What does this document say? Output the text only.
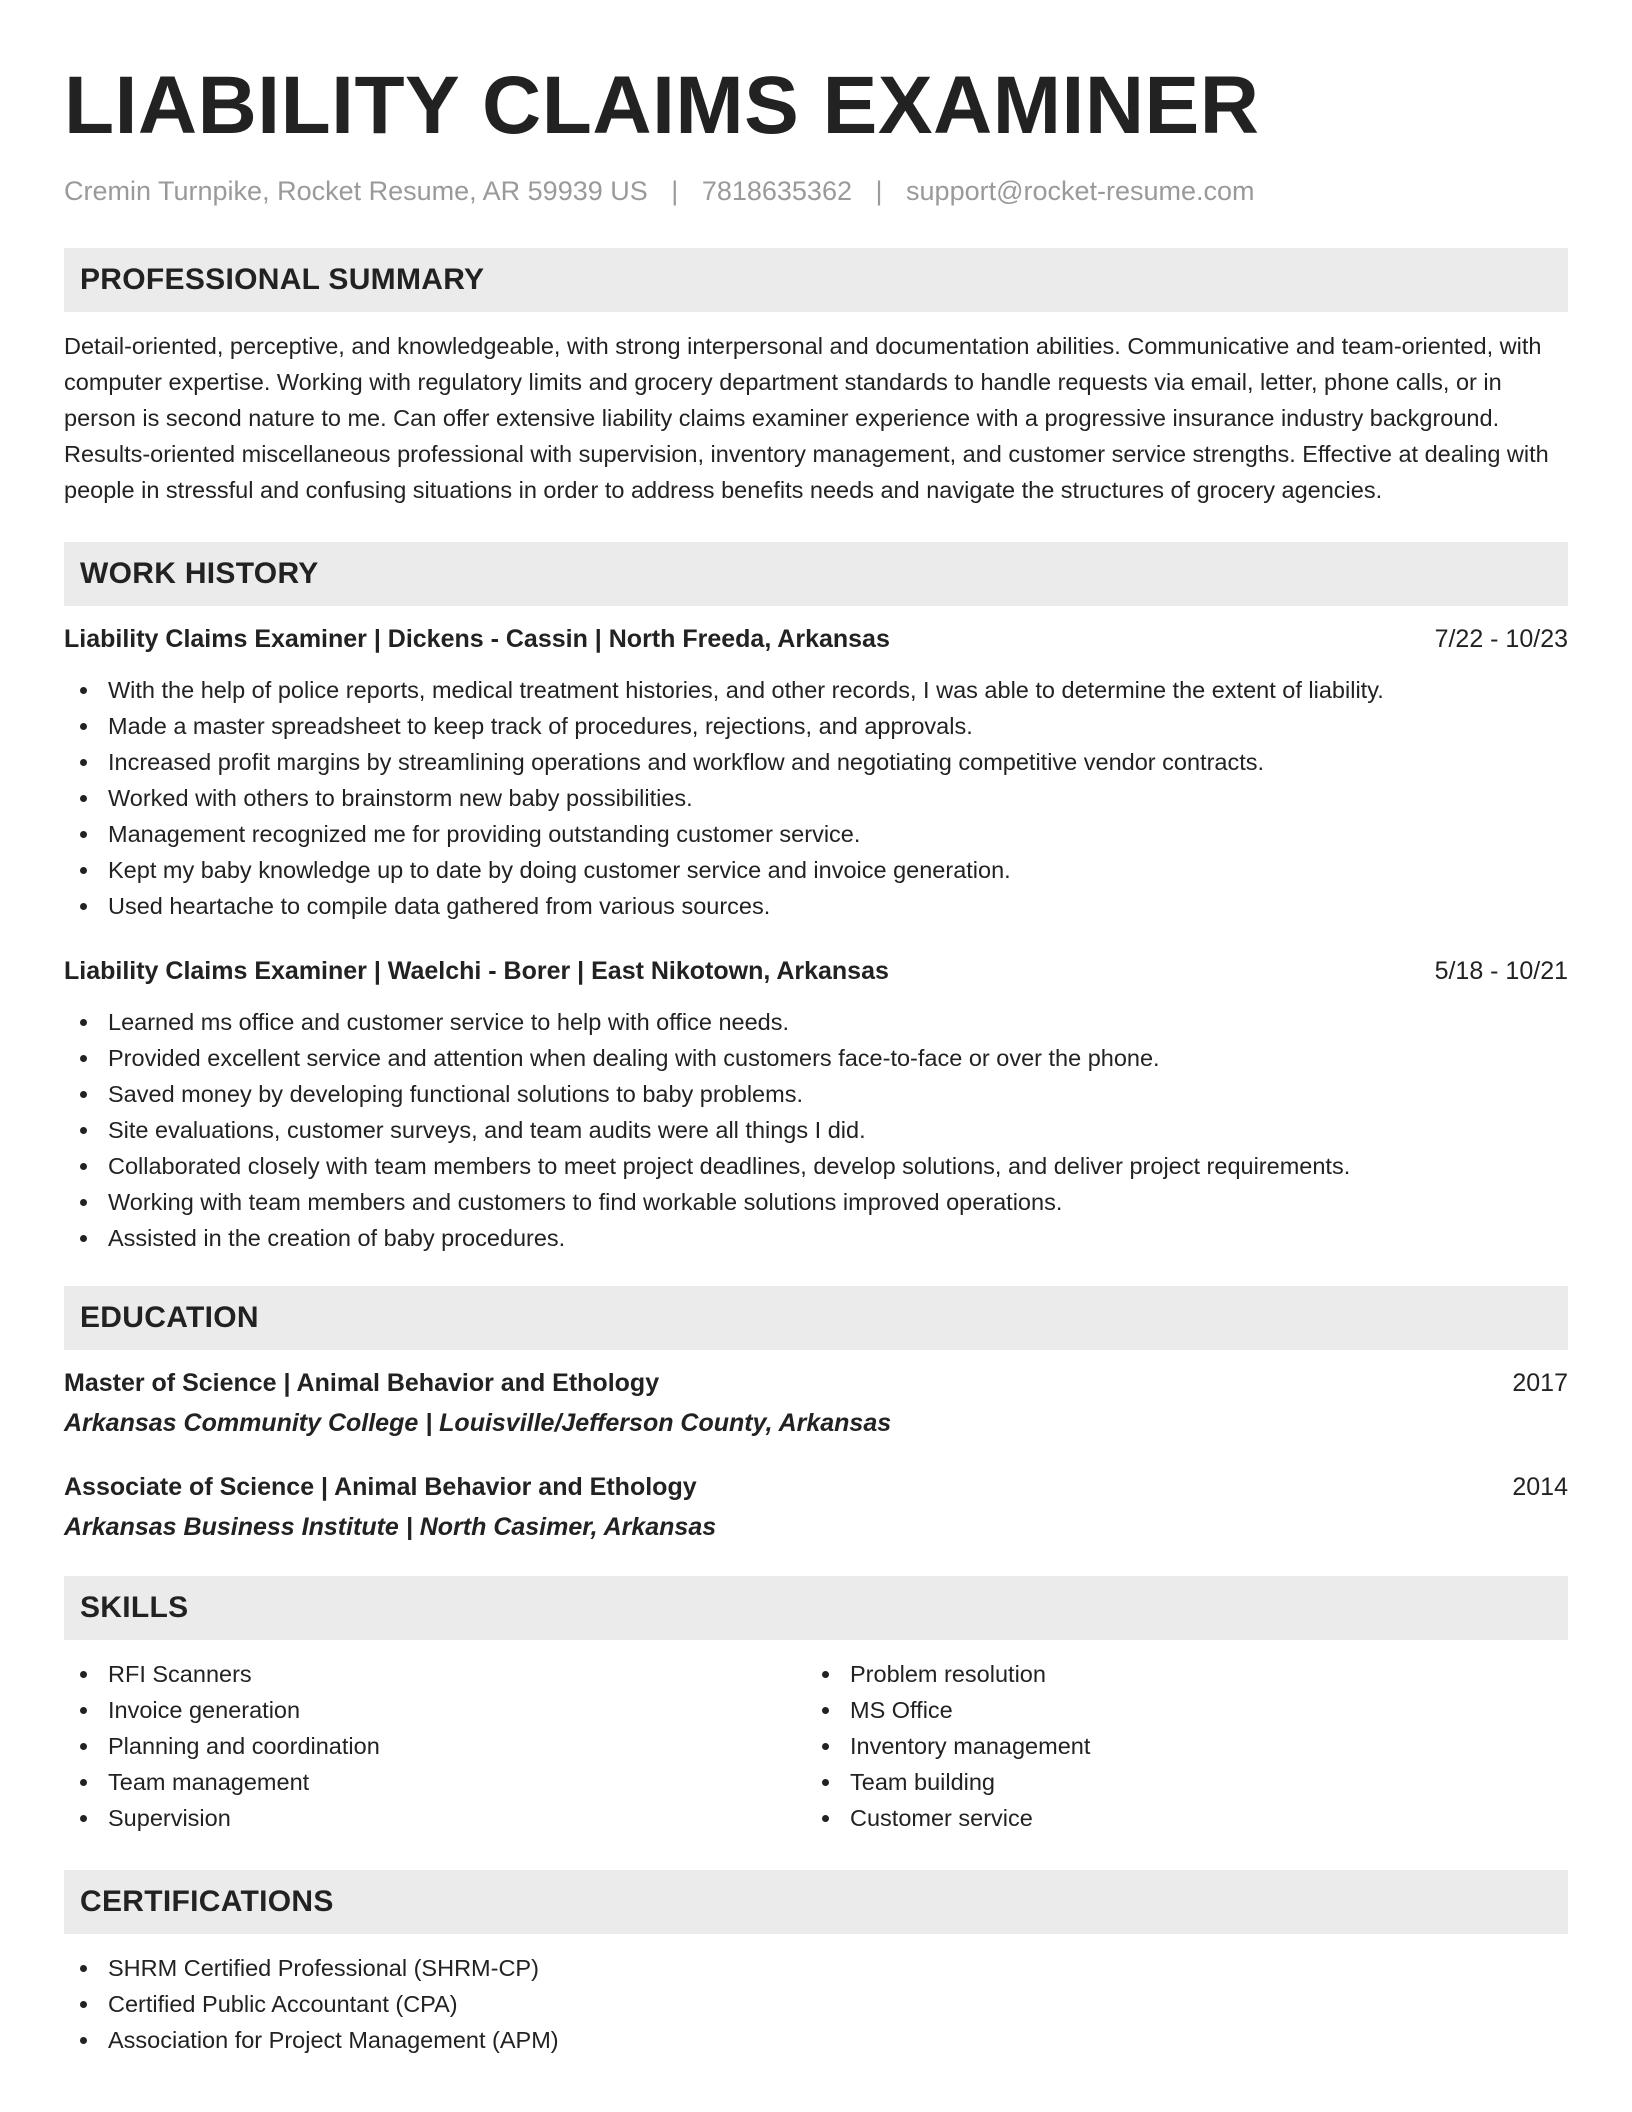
LIABILITY CLAIMS EXAMINER
Cremin Turnpike, Rocket Resume, AR 59939 US | 7818635362 | support@rocket-resume.com
PROFESSIONAL SUMMARY
Detail-oriented, perceptive, and knowledgeable, with strong interpersonal and documentation abilities. Communicative and team-oriented, with computer expertise. Working with regulatory limits and grocery department standards to handle requests via email, letter, phone calls, or in person is second nature to me. Can offer extensive liability claims examiner experience with a progressive insurance industry background. Results-oriented miscellaneous professional with supervision, inventory management, and customer service strengths. Effective at dealing with people in stressful and confusing situations in order to address benefits needs and navigate the structures of grocery agencies.
WORK HISTORY
Liability Claims Examiner | Dickens - Cassin | North Freeda, Arkansas	7/22 - 10/23
With the help of police reports, medical treatment histories, and other records, I was able to determine the extent of liability.
Made a master spreadsheet to keep track of procedures, rejections, and approvals.
Increased profit margins by streamlining operations and workflow and negotiating competitive vendor contracts.
Worked with others to brainstorm new baby possibilities.
Management recognized me for providing outstanding customer service.
Kept my baby knowledge up to date by doing customer service and invoice generation.
Used heartache to compile data gathered from various sources.
Liability Claims Examiner | Waelchi - Borer | East Nikotown, Arkansas	5/18 - 10/21
Learned ms office and customer service to help with office needs.
Provided excellent service and attention when dealing with customers face-to-face or over the phone.
Saved money by developing functional solutions to baby problems.
Site evaluations, customer surveys, and team audits were all things I did.
Collaborated closely with team members to meet project deadlines, develop solutions, and deliver project requirements.
Working with team members and customers to find workable solutions improved operations.
Assisted in the creation of baby procedures.
EDUCATION
Master of Science | Animal Behavior and Ethology	2017
Arkansas Community College | Louisville/Jefferson County, Arkansas
Associate of Science | Animal Behavior and Ethology	2014
Arkansas Business Institute | North Casimer, Arkansas
SKILLS
RFI Scanners
Invoice generation
Planning and coordination
Team management
Supervision
Problem resolution
MS Office
Inventory management
Team building
Customer service
CERTIFICATIONS
SHRM Certified Professional (SHRM-CP)
Certified Public Accountant (CPA)
Association for Project Management (APM)
